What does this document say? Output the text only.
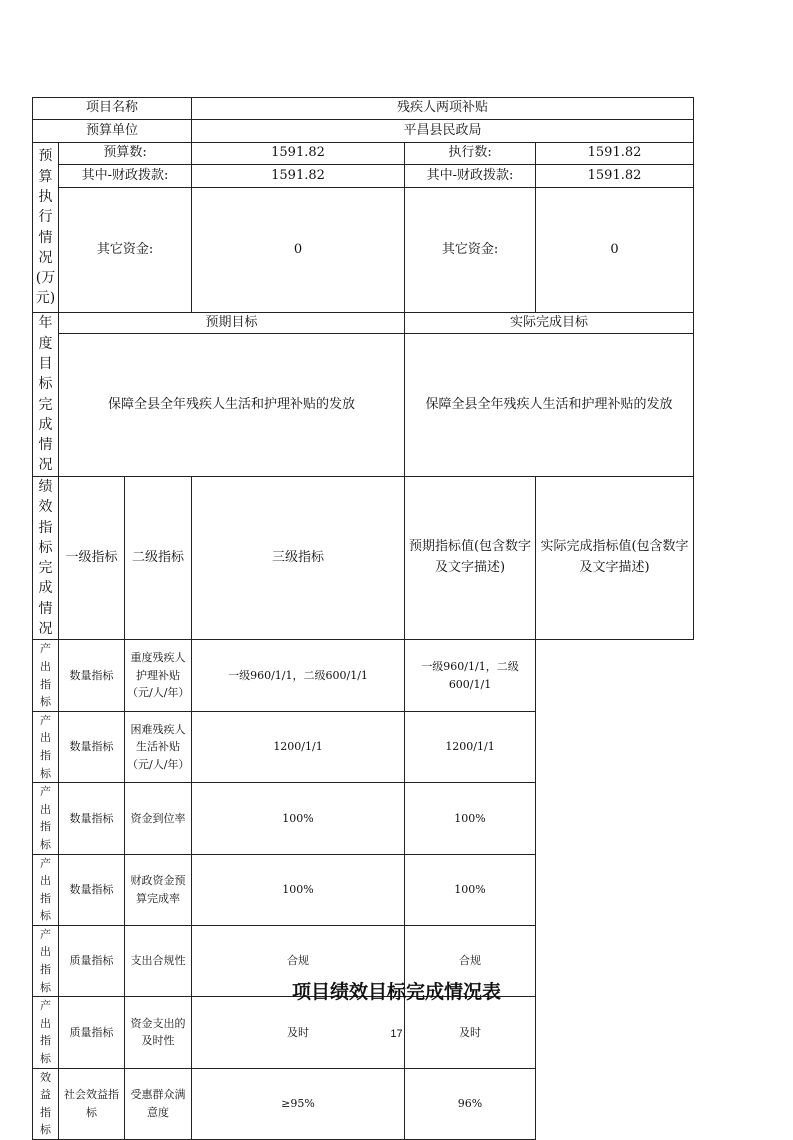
项目名称			残疾人两项补贴		
预算单位			平昌县民政局		
预算执行情况(万元)	预算数:		1591.82	执行数:	1591.82
	其中-财政拨款:		1591.82	其中-财政拨款:	1591.82
	其它资金:		0	其它资金:	0
年度目标完成情况	预期目标			实际完成目标	
	保障全县全年残疾人生活和护理补贴的发放			保障全县全年残疾人生活和护理补贴的发放	
绩效指标完成情况	一级指标	二级指标	三级指标	预期指标值(包含数字及文字描述)	实际完成指标值(包含数字及文字描述)
产出指标	数量指标	重度残疾人护理补贴（元/人/年）	一级960/1/1，二级600/1/1	一级960/1/1，二级600/1/1	
产出指标	数量指标	困难残疾人生活补贴（元/人/年）	1200/1/1	1200/1/1	
产出指标	数量指标	资金到位率	100%	100%	
产出指标	数量指标	财政资金预算完成率	100%	100%	
产出指标	质量指标	支出合规性	合规	合规	
产出指标	质量指标	资金支出的及时性	及时	及时	
效益指标	社会效益指标	受惠群众满意度	≥95%	96%	
项目绩效目标完成情况表
17
